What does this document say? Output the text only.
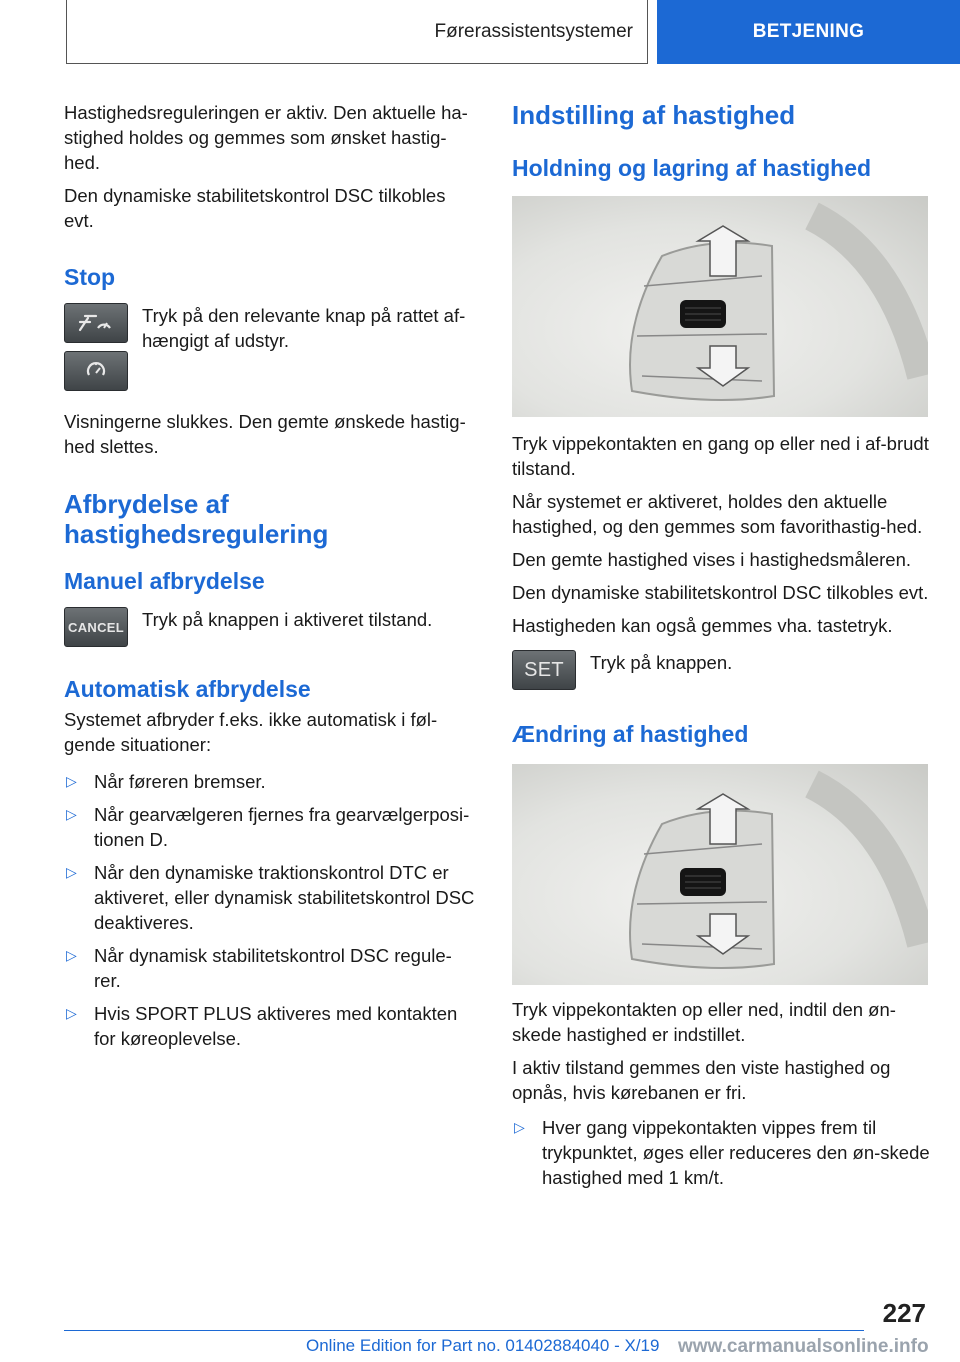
Førerassistentsystemer	BETJENING

Hastighedsreguleringen er aktiv. Den aktuelle ha-stighed holdes og gemmes som ønsket hastig-hed.

Den dynamiske stabilitetskontrol DSC tilkobles evt.

Stop
Tryk på den relevante knap på rattet af-hængigt af udstyr.

Visningerne slukkes. Den gemte ønskede hastig-hed slettes.

Afbrydelse af hastighedsregulering
Manuel afbrydelse
CANCEL Tryk på knappen i aktiveret tilstand.
Automatisk afbrydelse

Systemet afbryder f.eks. ikke automatisk i føl-gende situationer:

▷ Når føreren bremser.
▷ Når gearvælgeren fjernes fra gearvælgerposi-tionen D.
▷ Når den dynamiske traktionskontrol DTC er aktiveret, eller dynamisk stabilitetskontrol DSC deaktiveres.
▷ Når dynamisk stabilitetskontrol DSC regule-rer.
▷ Hvis SPORT PLUS aktiveres med kontakten for køreoplevelse.
Indstilling af hastighed
Holdning og lagring af hastighed

Tryk vippekontakten en gang op eller ned i af-brudt tilstand.

Når systemet er aktiveret, holdes den aktuelle hastighed, og den gemmes som favorithastig-hed.

Den gemte hastighed vises i hastighedsmåleren.

Den dynamiske stabilitetskontrol DSC tilkobles evt.

Hastigheden kan også gemmes vha. tastetryk.

SET Tryk på knappen.
Ændring af hastighed

Tryk vippekontakten op eller ned, indtil den øn-skede hastighed er indstillet.

I aktiv tilstand gemmes den viste hastighed og opnås, hvis kørebanen er fri.

▷ Hver gang vippekontakten vippes frem til trykpunktet, øges eller reduceres den øn-skede hastighed med 1 km/t.
227
Online Edition for Part no. 01402884040 - X/19 www.carmanualsonline.info
